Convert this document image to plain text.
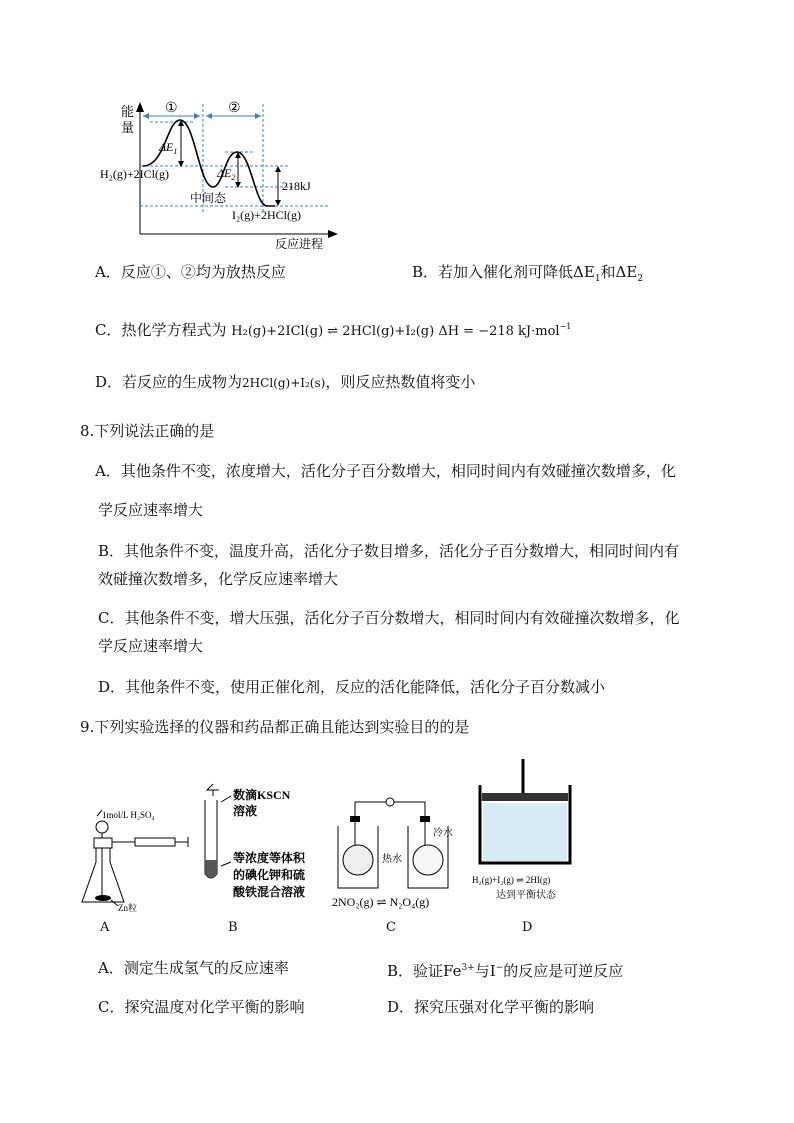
能
量
①	②
$\Delta E_1$
$\Delta E_2$
H₂(g)+2ICl(g)
中间态
I₂(g)+2HCl(g)
218kJ
反应进程
A．反应①、②均为放热反应	B．若加入催化剂可降低$\Delta E_1$和$\Delta E_2$
C．热化学方程式为 H₂(g)+2ICl(g) ⇌ 2HCl(g)+I₂(g) ΔH = −218 kJ·mol$^{-1}$
D．若反应的生成物为2HCl(g)+I₂(s)，则反应热数值将变小
8.下列说法正确的是
A．其他条件不变，浓度增大，活化分子百分数增大，相同时间内有效碰撞次数增多，化
学反应速率增大
B．其他条件不变，温度升高，活化分子数目增多，活化分子百分数增大，相同时间内有
效碰撞次数增多，化学反应速率增大
C．其他条件不变，增大压强，活化分子百分数增大，相同时间内有效碰撞次数增多，化
学反应速率增大
D．其他条件不变，使用正催化剂，反应的活化能降低，活化分子百分数减小
9.下列实验选择的仪器和药品都正确且能达到实验目的的是
1mol/L H₂SO₄
Zn粒
数滴KSCN
溶液
等浓度等体积
的碘化钾和硫
酸铁混合溶液
热水
冷水
2NO₂(g) ⇌ N₂O₄(g)
H₂(g)+I₂(g) ⇌ 2HI(g)
达到平衡状态
A	B	C	D
A．测定生成氢气的反应速率	B．验证$Fe^{3+}$与I−的反应是可逆反应
C．探究温度对化学平衡的影响	D．探究压强对化学平衡的影响
